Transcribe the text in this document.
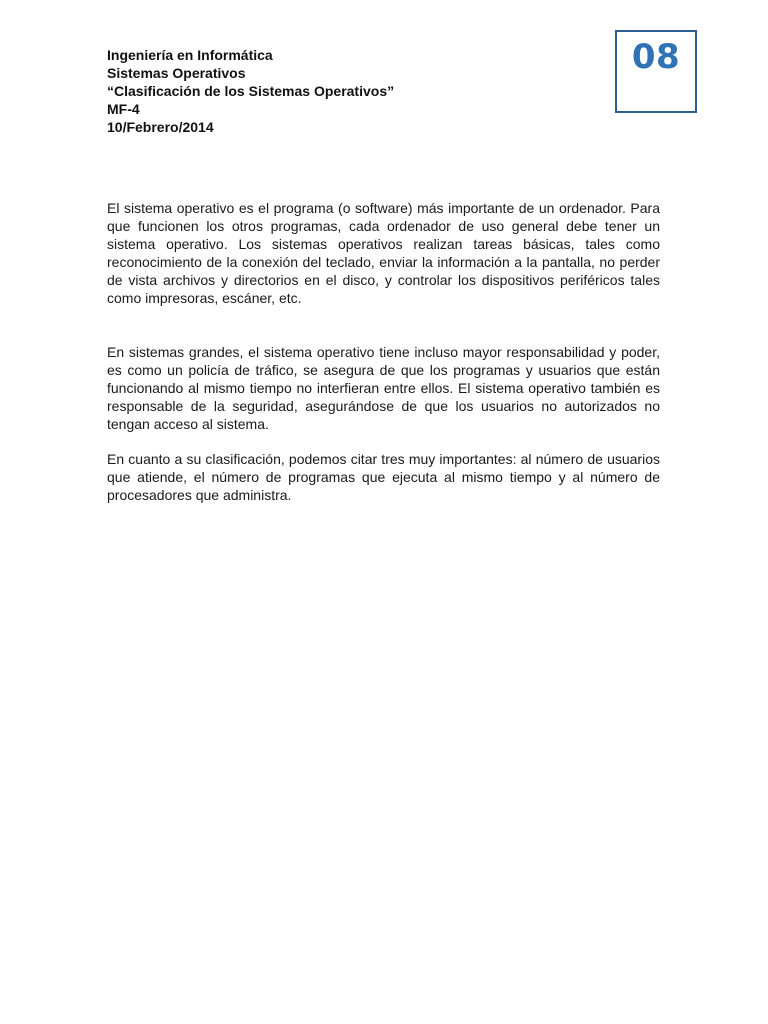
Ingeniería en Informática
Sistemas Operativos
“Clasificación de los Sistemas Operativos”
MF-4
10/Febrero/2014
08

El sistema operativo es el programa (o software) más importante de un ordenador. Para que funcionen los otros programas, cada ordenador de uso general debe tener un sistema operativo. Los sistemas operativos realizan tareas básicas, tales como reconocimiento de la conexión del teclado, enviar la información a la pantalla, no perder de vista archivos y directorios en el disco, y controlar los dispositivos periféricos tales como impresoras, escáner, etc.

En sistemas grandes, el sistema operativo tiene incluso mayor responsabilidad y poder, es como un policía de tráfico, se asegura de que los programas y usuarios que están funcionando al mismo tiempo no interfieran entre ellos. El sistema operativo también es responsable de la seguridad, asegurándose de que los usuarios no autorizados no tengan acceso al sistema.

En cuanto a su clasificación, podemos citar tres muy importantes: al número de usuarios que atiende, el número de programas que ejecuta al mismo tiempo y al número de procesadores que administra.
